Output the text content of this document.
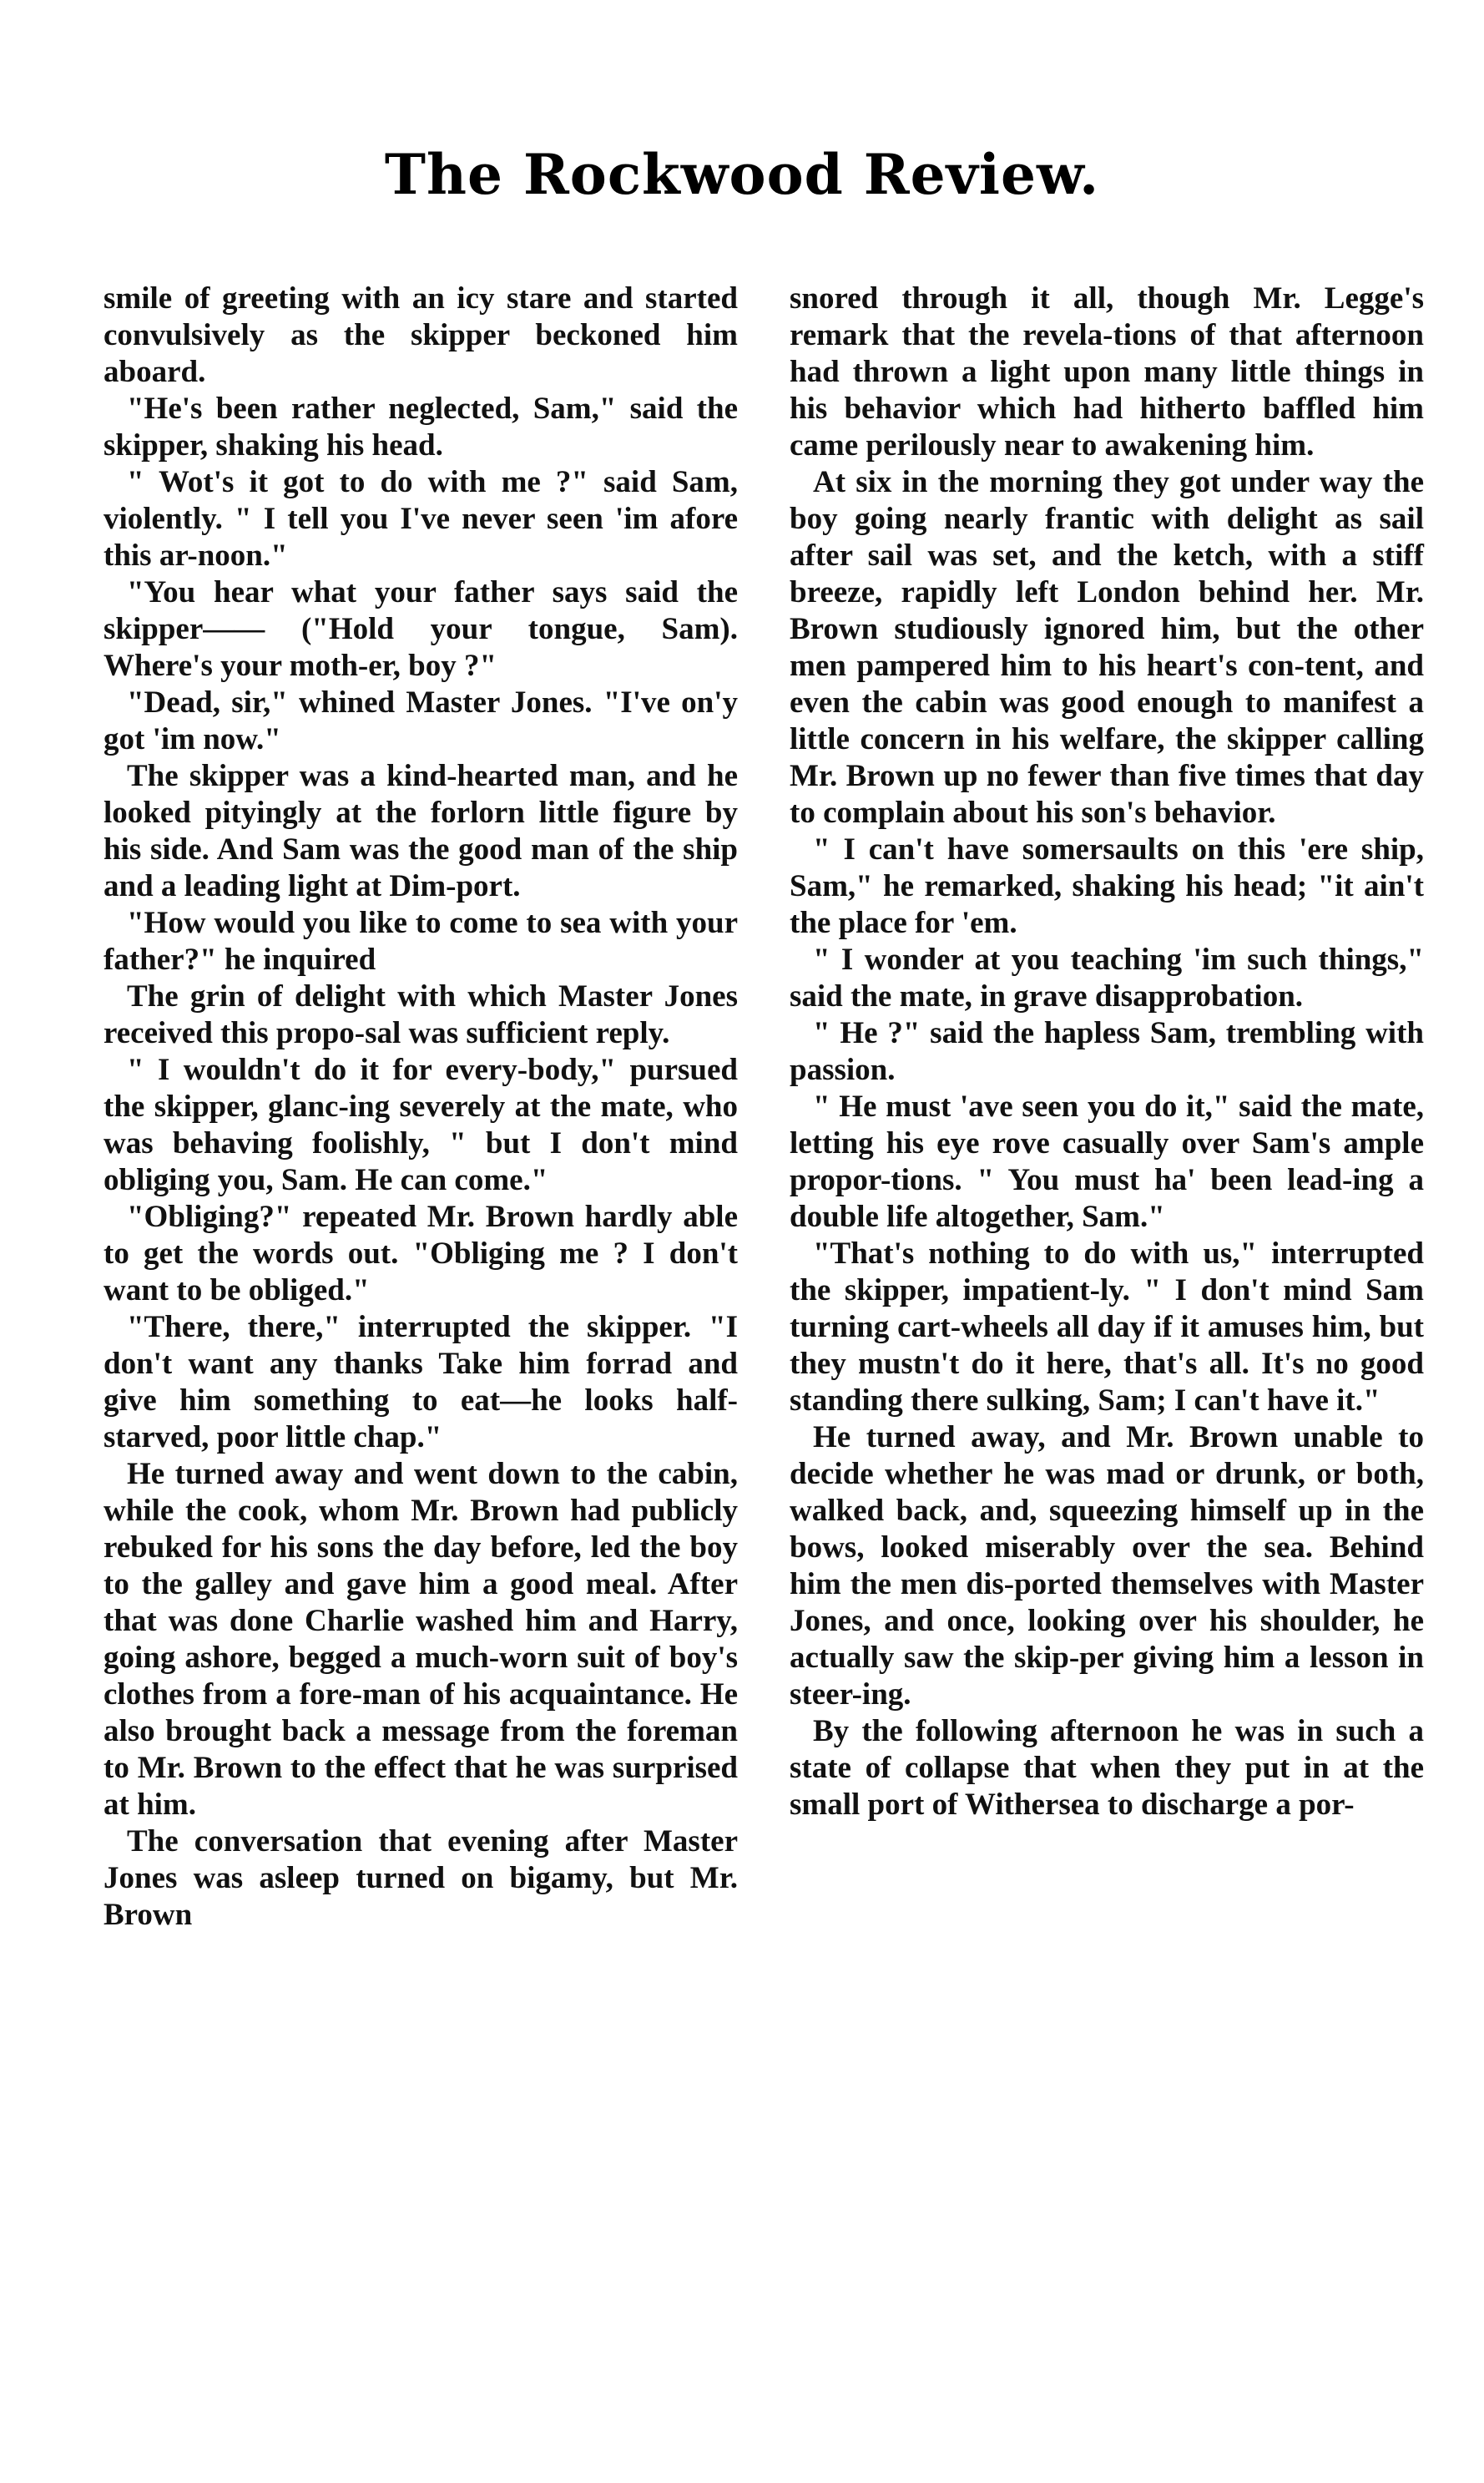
The Rockwood Review.

smile of greeting with an icy stare and started convulsively as the skipper beckoned him aboard.

"He's been rather neglected, Sam," said the skipper, shaking his head.

" Wot's it got to do with me ?" said Sam, violently. " I tell you I've never seen 'im afore this ar-noon."

"You hear what your father says said the skipper—— ("Hold your tongue, Sam). Where's your moth-er, boy ?"

"Dead, sir," whined Master Jones. "I've on'y got 'im now."

The skipper was a kind-hearted man, and he looked pityingly at the forlorn little figure by his side. And Sam was the good man of the ship and a leading light at Dim-port.

"How would you like to come to sea with your father?" he inquired

The grin of delight with which Master Jones received this propo-sal was sufficient reply.

" I wouldn't do it for every-body," pursued the skipper, glanc-ing severely at the mate, who was behaving foolishly, " but I don't mind obliging you, Sam. He can come."

"Obliging?" repeated Mr. Brown hardly able to get the words out. "Obliging me ? I don't want to be obliged."

"There, there," interrupted the skipper. "I don't want any thanks Take him forrad and give him something to eat—he looks half-starved, poor little chap."

He turned away and went down to the cabin, while the cook, whom Mr. Brown had publicly rebuked for his sons the day before, led the boy to the galley and gave him a good meal. After that was done Charlie washed him and Harry, going ashore, begged a much-worn suit of boy's clothes from a fore-man of his acquaintance. He also brought back a message from the foreman to Mr. Brown to the effect that he was surprised at him.

The conversation that evening after Master Jones was asleep turned on bigamy, but Mr. Brown

snored through it all, though Mr. Legge's remark that the revela-tions of that afternoon had thrown a light upon many little things in his behavior which had hitherto baffled him came perilously near to awakening him.

At six in the morning they got under way the boy going nearly frantic with delight as sail after sail was set, and the ketch, with a stiff breeze, rapidly left London behind her. Mr. Brown studiously ignored him, but the other men pampered him to his heart's con-tent, and even the cabin was good enough to manifest a little concern in his welfare, the skipper calling Mr. Brown up no fewer than five times that day to complain about his son's behavior.

" I can't have somersaults on this 'ere ship, Sam," he remarked, shaking his head; "it ain't the place for 'em.

" I wonder at you teaching 'im such things," said the mate, in grave disapprobation.

" He ?" said the hapless Sam, trembling with passion.

" He must 'ave seen you do it," said the mate, letting his eye rove casually over Sam's ample propor-tions. " You must ha' been lead-ing a double life altogether, Sam."

"That's nothing to do with us," interrupted the skipper, impatient-ly. " I don't mind Sam turning cart-wheels all day if it amuses him, but they mustn't do it here, that's all. It's no good standing there sulking, Sam; I can't have it."

He turned away, and Mr. Brown unable to decide whether he was mad or drunk, or both, walked back, and, squeezing himself up in the bows, looked miserably over the sea. Behind him the men dis-ported themselves with Master Jones, and once, looking over his shoulder, he actually saw the skip-per giving him a lesson in steer-ing.

By the following afternoon he was in such a state of collapse that when they put in at the small port of Withersea to discharge a por-
